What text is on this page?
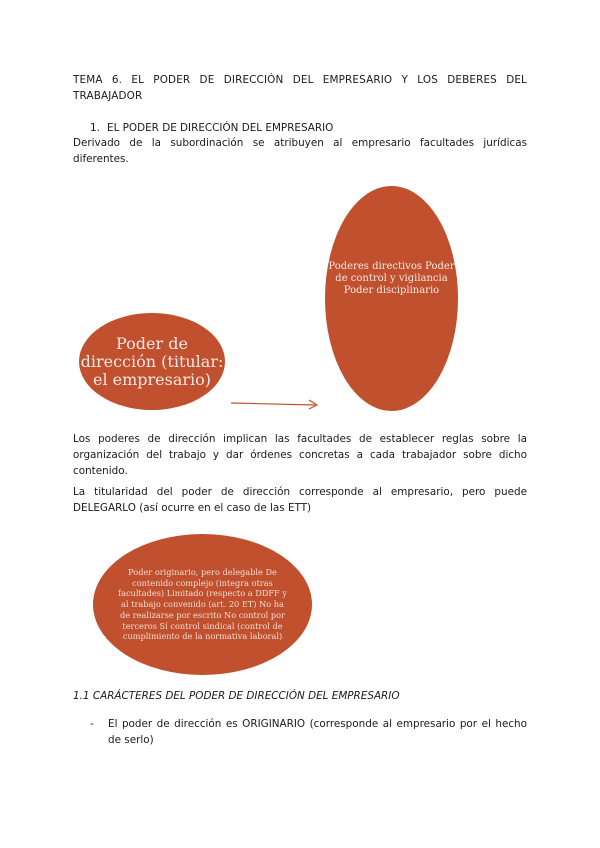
TEMA 6. EL PODER DE DIRECCIÓN DEL EMPRESARIO Y LOS DEBERES DEL TRABAJADOR
1. EL PODER DE DIRECCIÓN DEL EMPRESARIO
Derivado de la subordinación se atribuyen al empresario facultades jurídicas diferentes.
Poderes directivos Poder de control y vigilancia Poder disciplinario
Poder de dirección (titular: el empresario)
Los poderes de dirección implican las facultades de establecer reglas sobre la organización del trabajo y dar órdenes concretas a cada trabajador sobre dicho contenido.
La titularidad del poder de dirección corresponde al empresario, pero puede DELEGARLO (así ocurre en el caso de las ETT)
Poder originario, pero delegable De contenido complejo (integra otras facultades) Limitado (respecto a DDFF y al trabajo convenido (art. 20 ET) No ha de realizarse por escrito No control por terceros Sí control sindical (control de cumplimiento de la normativa laboral)
1.1 CARÁCTERES DEL PODER DE DIRECCIÓN DEL EMPRESARIO
- El poder de dirección es ORIGINARIO (corresponde al empresario por el hecho de serlo)
